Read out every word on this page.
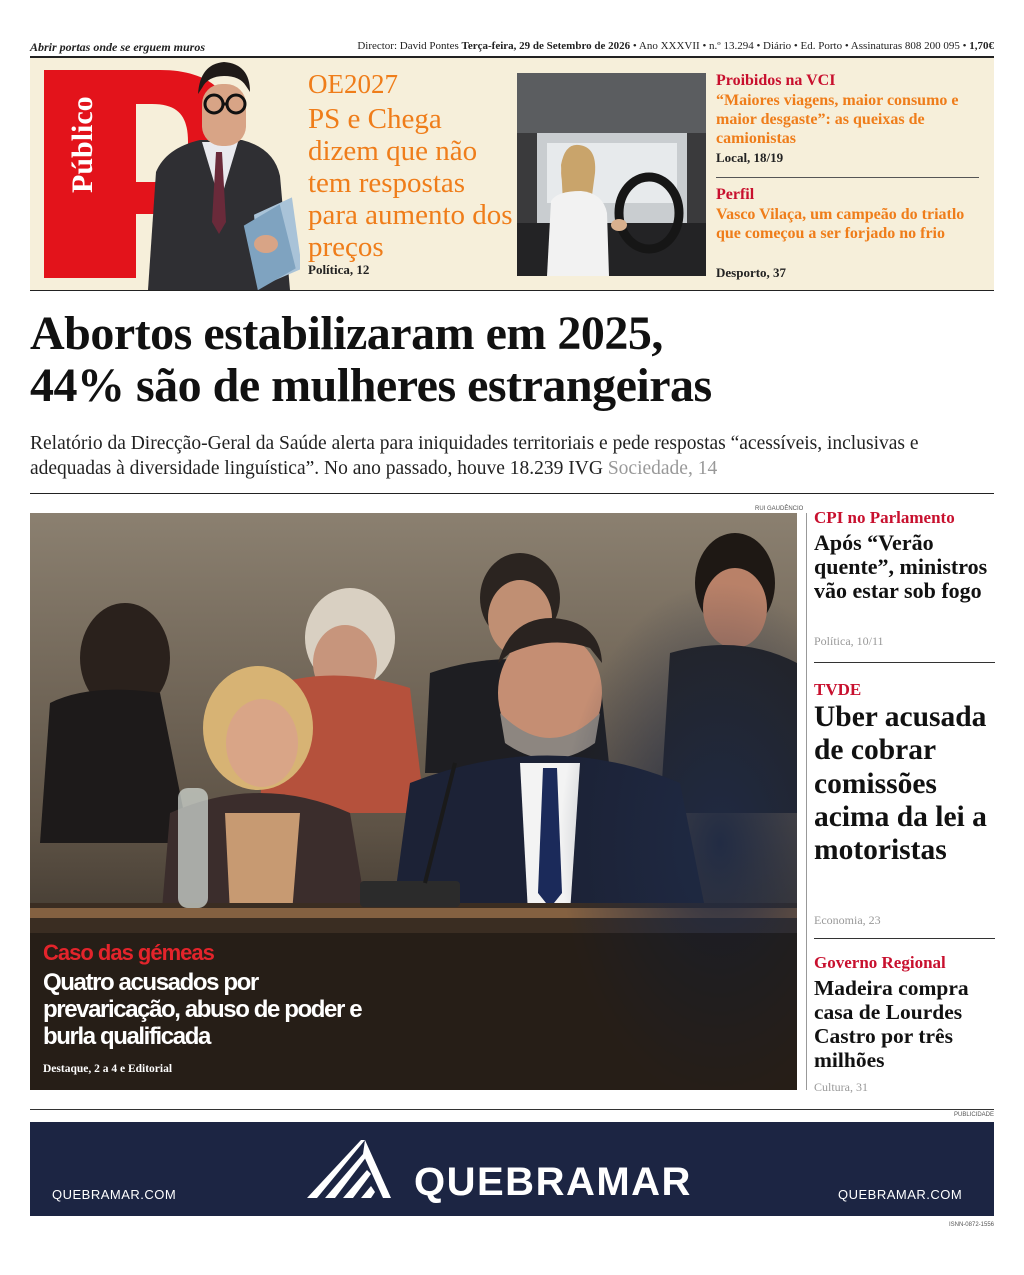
Abrir portas onde se erguem muros	Director: David Pontes Terça-feira, 29 de Setembro de 2026 • Ano XXXVII • n.º 13.294 • Diário • Ed. Porto • Assinaturas 808 200 095 • 1,70€
Público
OE2027
PS e Chega dizem que não tem respostas para aumento dos preços
Política, 12
Proibidos na VCI
“Maiores viagens, maior consumo e maior desgaste”: as queixas de camionistas
Local, 18/19
Perfil
Vasco Vilaça, um campeão do triatlo que começou a ser forjado no frio
Desporto, 37
Abortos estabilizaram em 2025,
44% são de mulheres estrangeiras
Relatório da Direcção-Geral da Saúde alerta para iniquidades territoriais e pede respostas “acessíveis, inclusivas e adequadas à diversidade linguística”. No ano passado, houve 18.239 IVG Sociedade, 14
RUI GAUDÊNCIO
Caso das gémeas
Quatro acusados por prevaricação, abuso de poder e burla qualificada
Destaque, 2 a 4 e Editorial
CPI no Parlamento
Após “Verão quente”, ministros vão estar sob fogo
Política, 10/11
TVDE
Uber acusada de cobrar comissões acima da lei a motoristas
Economia, 23
Governo Regional
Madeira compra casa de Lourdes Castro por três milhões
Cultura, 31
PUBLICIDADE
QUEBRAMAR
QUEBRAMAR.COM	QUEBRAMAR.COM
ISNN-0872-1556
